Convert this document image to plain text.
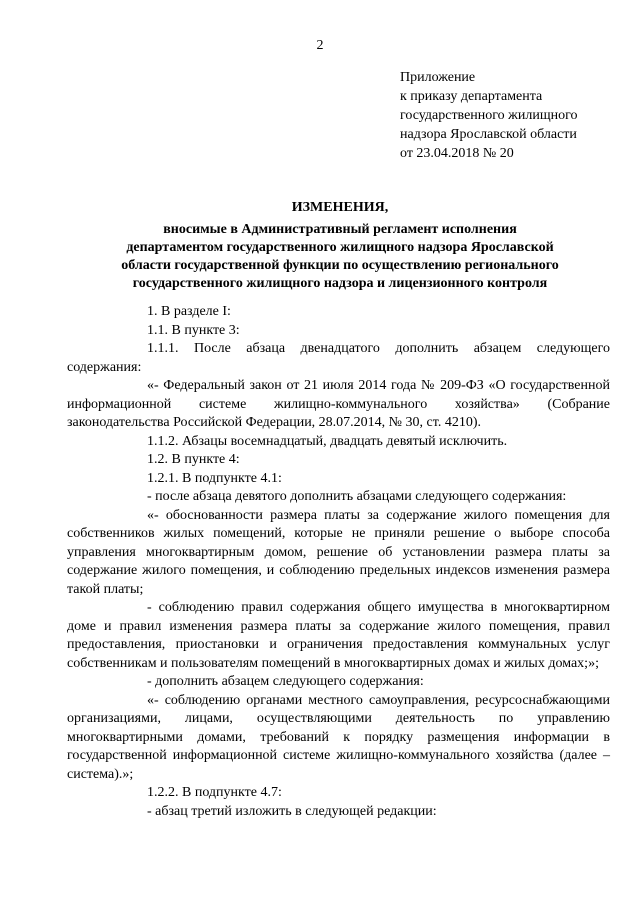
2
Приложение
к приказу департамента
государственного жилищного
надзора Ярославской области
от 23.04.2018 № 20
ИЗМЕНЕНИЯ,
вносимые в Административный регламент исполнения
департаментом государственного жилищного надзора Ярославской
области государственной функции по осуществлению регионального
государственного жилищного надзора и лицензионного контроля

1. В разделе I:

1.1. В пункте 3:

1.1.1. После абзаца двенадцатого дополнить абзацем следующего содержания:

«- Федеральный закон от 21 июля 2014 года № 209-ФЗ «О государственной информационной системе жилищно-коммунального хозяйства» (Собрание законодательства Российской Федерации, 28.07.2014, № 30, ст. 4210).

1.1.2. Абзацы восемнадцатый, двадцать девятый исключить.

1.2. В пункте 4:

1.2.1. В подпункте 4.1:

- после абзаца девятого дополнить абзацами следующего содержания:

«- обоснованности размера платы за содержание жилого помещения для собственников жилых помещений, которые не приняли решение о выборе способа управления многоквартирным домом, решение об установлении размера платы за содержание жилого помещения, и соблюдению предельных индексов изменения размера такой платы;

- соблюдению правил содержания общего имущества в многоквартирном доме и правил изменения размера платы за содержание жилого помещения, правил предоставления, приостановки и ограничения предоставления коммунальных услуг собственникам и пользователям помещений в многоквартирных домах и жилых домах;»;

- дополнить абзацем следующего содержания:

«- соблюдению органами местного самоуправления, ресурсоснабжающими организациями, лицами, осуществляющими деятельность по управлению многоквартирными домами, требований к порядку размещения информации в государственной информационной системе жилищно-коммунального хозяйства (далее – система).»;

1.2.2. В подпункте 4.7:

- абзац третий изложить в следующей редакции:
